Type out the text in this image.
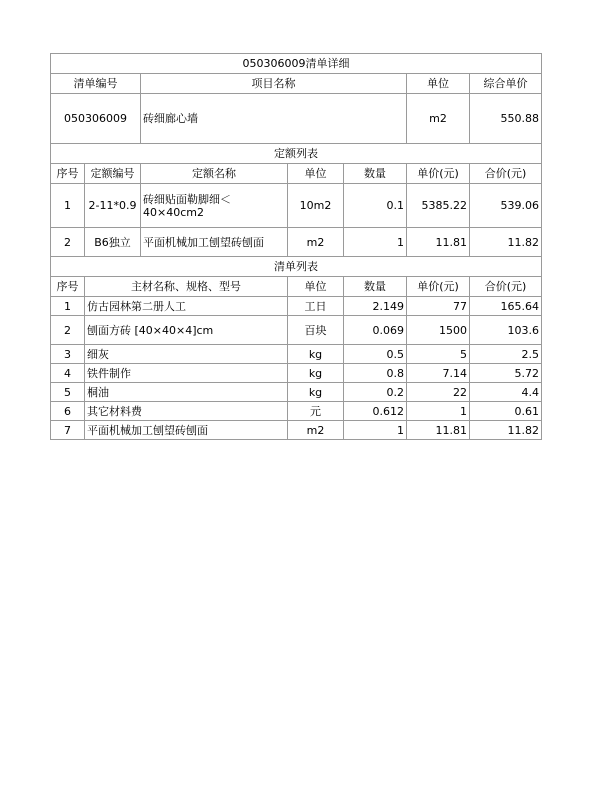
050306009清单详细						
清单编号		项目名称			单位	综合单价
050306009		砖细廊心墙			m2	550.88
定额列表						
序号	定额编号	定额名称	单位	数量	单价(元)	合价(元)
1	2-11*0.9	砖细贴面勒脚细＜40×40cm2	10m2	0.1	5385.22	539.06
2	B6独立	平面机械加工刨望砖刨面	m2	1	11.81	11.82
清单列表						
序号	主材名称、规格、型号		单位	数量	单价(元)	合价(元)
1	仿古园林第二册人工		工日	2.149	77	165.64
2	刨面方砖 [40×40×4]cm		百块	0.069	1500	103.6
3	细灰		kg	0.5	5	2.5
4	铁件制作		kg	0.8	7.14	5.72
5	桐油		kg	0.2	22	4.4
6	其它材料费		元	0.612	1	0.61
7	平面机械加工刨望砖刨面		m2	1	11.81	11.82
